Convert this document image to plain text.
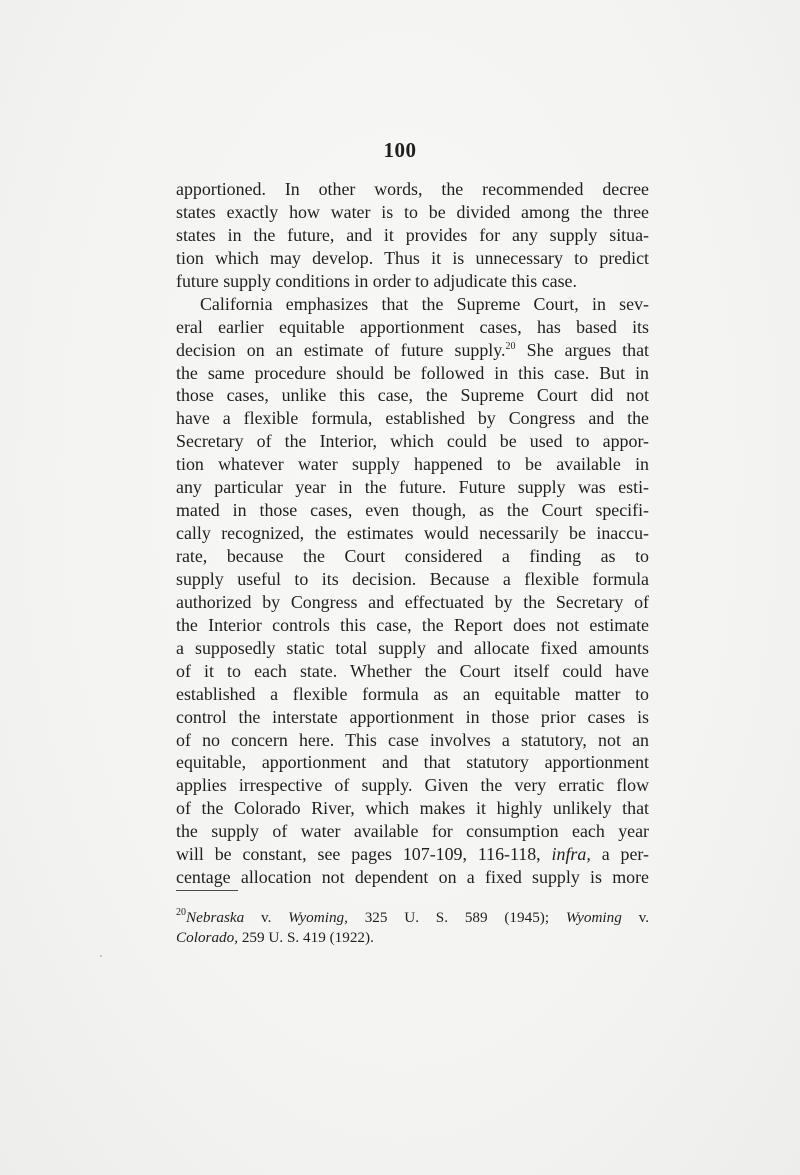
100
apportioned. In other words, the recommended decree
states exactly how water is to be divided among the three
states in the future, and it provides for any supply situa-
tion which may develop. Thus it is unnecessary to predict
future supply conditions in order to adjudicate this case.
California emphasizes that the Supreme Court, in sev-
eral earlier equitable apportionment cases, has based its
decision on an estimate of future supply.$^{20}$ She argues that
the same procedure should be followed in this case. But in
those cases, unlike this case, the Supreme Court did not
have a flexible formula, established by Congress and the
Secretary of the Interior, which could be used to appor-
tion whatever water supply happened to be available in
any particular year in the future. Future supply was esti-
mated in those cases, even though, as the Court specifi-
cally recognized, the estimates would necessarily be inaccu-
rate, because the Court considered a finding as to
supply useful to its decision. Because a flexible formula
authorized by Congress and effectuated by the Secretary of
the Interior controls this case, the Report does not estimate
a supposedly static total supply and allocate fixed amounts
of it to each state. Whether the Court itself could have
established a flexible formula as an equitable matter to
control the interstate apportionment in those prior cases is
of no concern here. This case involves a statutory, not an
equitable, apportionment and that statutory apportionment
applies irrespective of supply. Given the very erratic flow
of the Colorado River, which makes it highly unlikely that
the supply of water available for consumption each year
will be constant, see pages 107-109, 116-118, infra, a per-
centage allocation not dependent on a fixed supply is more
$^{20}$Nebraska v. Wyoming, 325 U. S. 589 (1945); Wyoming v.
Colorado, 259 U. S. 419 (1922).
